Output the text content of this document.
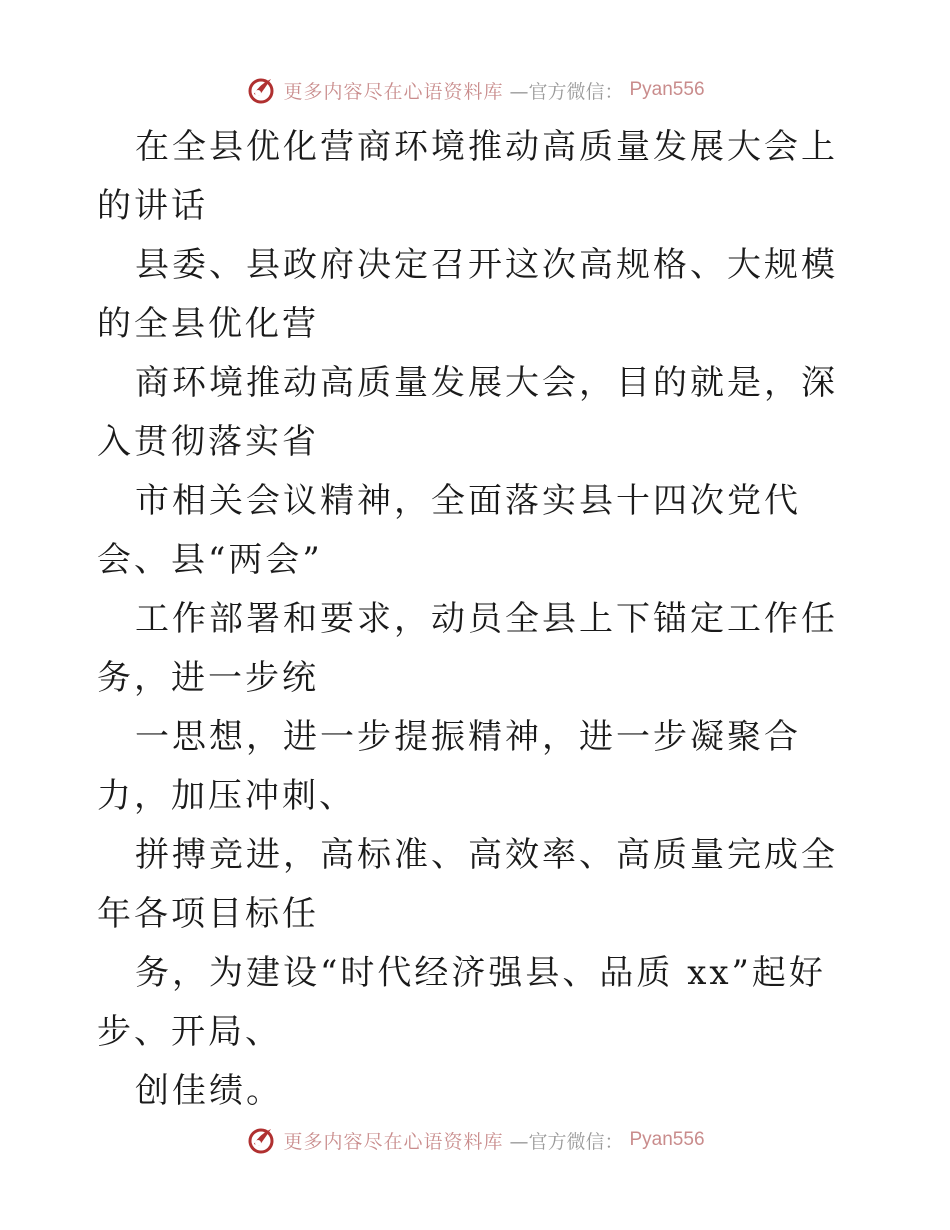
更多内容尽在心语资料库 —官方微信： Pyan556

在全县优化营商环境推动高质量发展大会上的讲话

县委、县政府决定召开这次高规格、大规模的全县优化营

商环境推动高质量发展大会，目的就是，深入贯彻落实省

市相关会议精神，全面落实县十四次党代会、县“两会”

工作部署和要求，动员全县上下锚定工作任务，进一步统

一思想，进一步提振精神，进一步凝聚合力，加压冲刺、

拼搏竞进，高标准、高效率、高质量完成全年各项目标任

务，为建设“时代经济强县、品质 xx”起好步、开局、

创佳绩。

更多内容尽在心语资料库 —官方微信： Pyan556
